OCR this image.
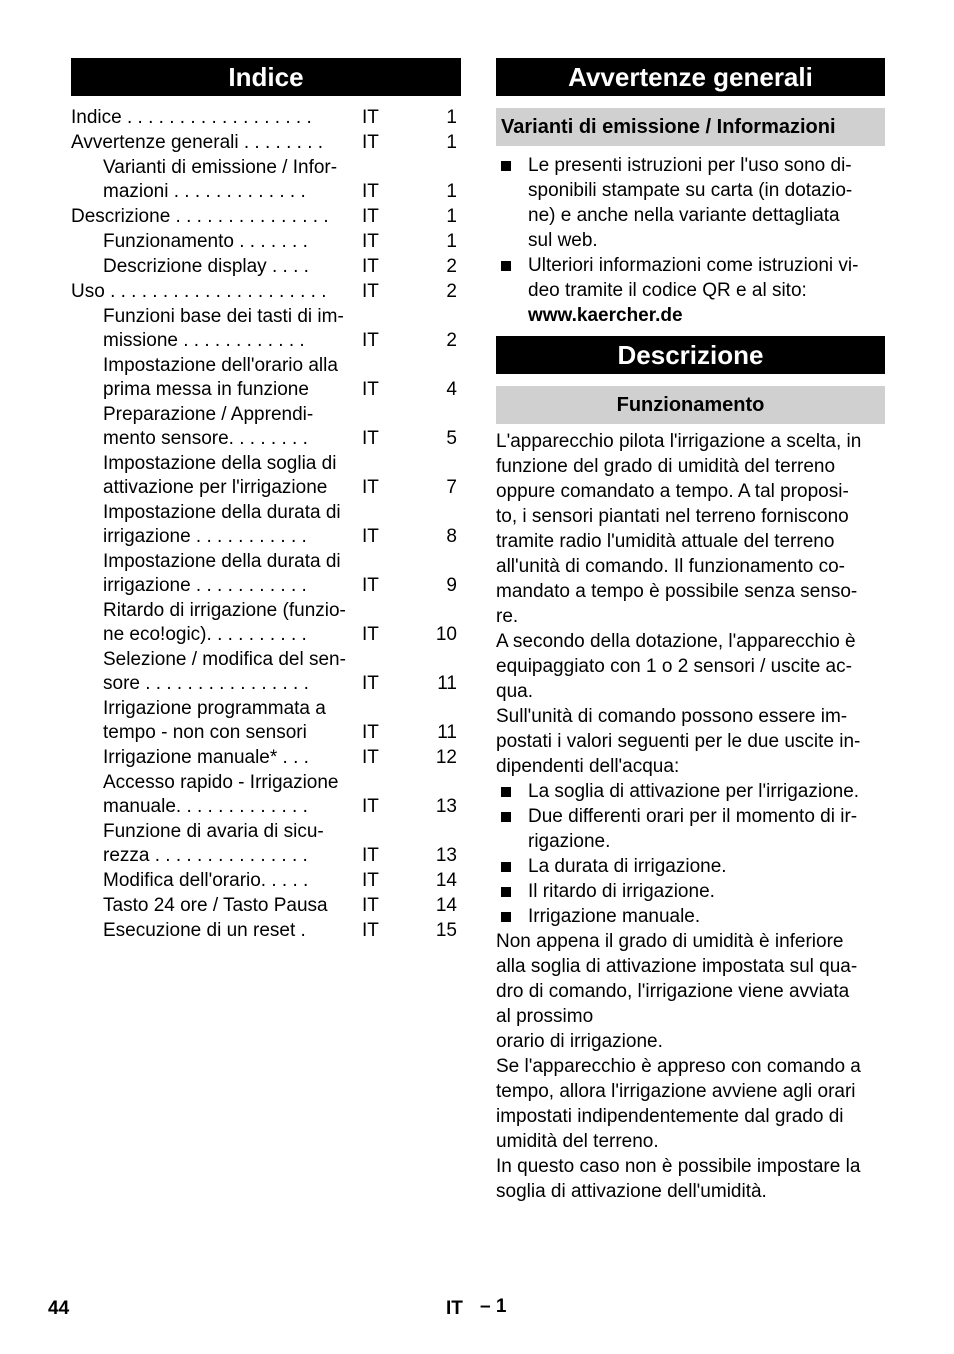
Indice
Indice . . . . . . . . . . . . . . . . . .	IT	1
Avvertenze generali . . . . . . . .	IT	1
Varianti di emissione / Infor-
mazioni . . . . . . . . . . . . .	IT	1
Descrizione . . . . . . . . . . . . . . .	IT	1
Funzionamento . . . . . . .	IT	1
Descrizione display . . . .	IT	2
Uso . . . . . . . . . . . . . . . . . . . . .	IT	2
Funzioni base dei tasti di im-
missione . . . . . . . . . . . .	IT	2
Impostazione dell'orario alla
prima messa in funzione	IT	4
Preparazione / Apprendi-
mento sensore. . . . . . . .	IT	5
Impostazione della soglia di
attivazione per l'irrigazione	IT	7
Impostazione della durata di
irrigazione . . . . . . . . . . .	IT	8
Impostazione della durata di
irrigazione . . . . . . . . . . .	IT	9
Ritardo di irrigazione (funzio-
ne eco!ogic). . . . . . . . . .	IT	10
Selezione / modifica del sen-
sore . . . . . . . . . . . . . . . .	IT	11
Irrigazione programmata a
tempo - non con sensori	IT	11
Irrigazione manuale* . . .	IT	12
Accesso rapido - Irrigazione
manuale. . . . . . . . . . . . .	IT	13
Funzione di avaria di sicu-
rezza . . . . . . . . . . . . . . .	IT	13
Modifica dell'orario. . . . .	IT	14
Tasto 24 ore / Tasto Pausa	IT	14
Esecuzione di un reset .	IT	15
Avvertenze generali
Varianti di emissione / Informazioni
Le presenti istruzioni per l'uso sono di-
sponibili stampate su carta (in dotazio-
ne) e anche nella variante dettagliata
sul web.
Ulteriori informazioni come istruzioni vi-
deo tramite il codice QR e al sito:

www.kaercher.de

Descrizione
Funzionamento

L'apparecchio pilota l'irrigazione a scelta, in
funzione del grado di umidità del terreno
oppure comandato a tempo. A tal proposi-
to, i sensori piantati nel terreno forniscono
tramite radio l'umidità attuale del terreno
all'unità di comando. Il funzionamento co-
mandato a tempo è possibile senza senso-
re.

A secondo della dotazione, l'apparecchio è
equipaggiato con 1 o 2 sensori / uscite ac-
qua.

Sull'unità di comando possono essere im-
postati i valori seguenti per le due uscite in-
dipendenti dell'acqua:

La soglia di attivazione per l'irrigazione.
Due differenti orari per il momento di ir-
rigazione.
La durata di irrigazione.
Il ritardo di irrigazione.
Irrigazione manuale.

Non appena il grado di umidità è inferiore
alla soglia di attivazione impostata sul qua-
dro di comando, l'irrigazione viene avviata
al prossimo
orario di irrigazione.

Se l'apparecchio è appreso con comando a
tempo, allora l'irrigazione avviene agli orari
impostati indipendentemente dal grado di
umidità del terreno.

In questo caso non è possibile impostare la
soglia di attivazione dell'umidità.

44	IT – 1
